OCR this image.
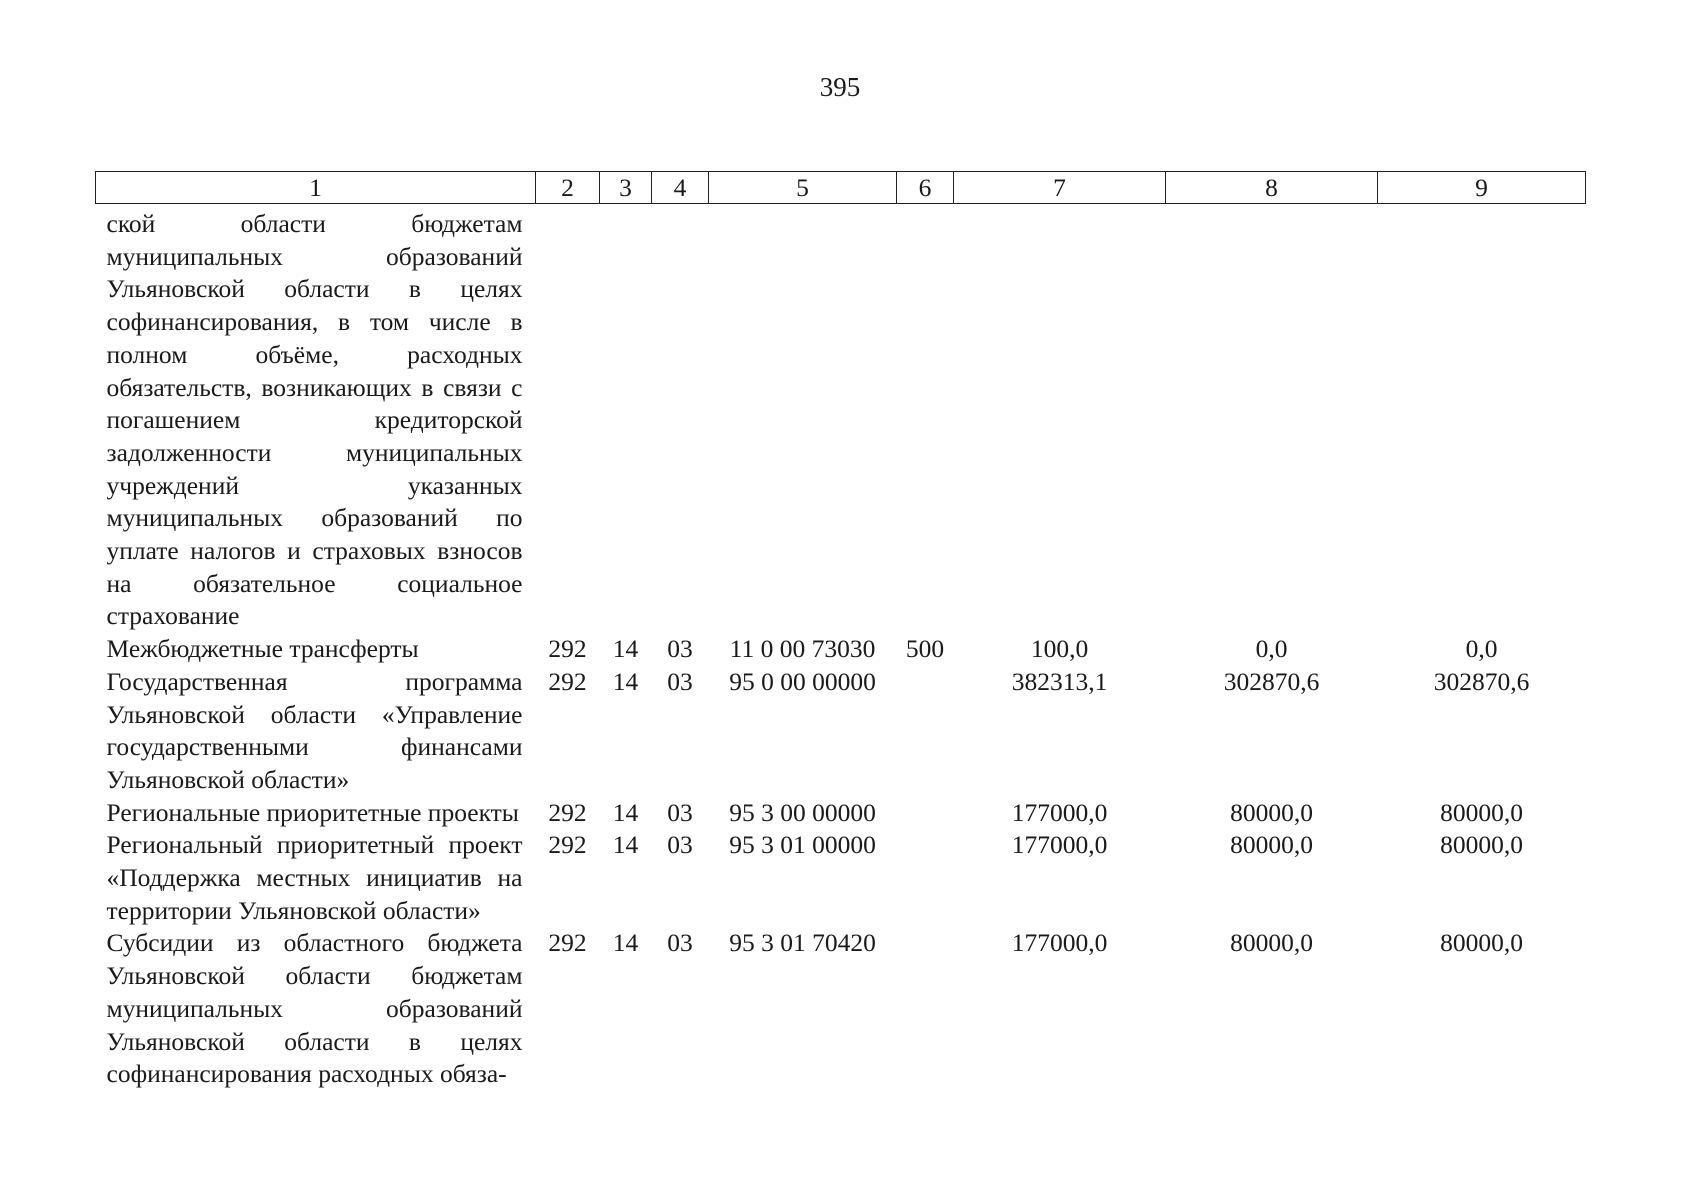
395
1	2	3	4	5	6	7	8	9
ской области бюджетам муниципальных образований Ульяновской области в целях софинансирования, в том числе в полном объёме, расходных обязательств, возникающих в связи с погашением кредиторской задолженности муниципальных учреждений указанных муниципальных образований по уплате налогов и страховых взносов на обязательное социальное страхование								
Межбюджетные трансферты	292	14	03	11 0 00 73030	500	100,0	0,0	0,0
Государственная программа Ульяновской области «Управление государственными финансами Ульяновской области»	292	14	03	95 0 00 00000		382313,1	302870,6	302870,6
Региональные приоритетные проекты	292	14	03	95 3 00 00000		177000,0	80000,0	80000,0
Региональный приоритетный проект «Поддержка местных инициатив на территории Ульяновской области»	292	14	03	95 3 01 00000		177000,0	80000,0	80000,0
Субсидии из областного бюджета Ульяновской области бюджетам муниципальных образований Ульяновской области в целях софинансирования расходных обяза-	292	14	03	95 3 01 70420		177000,0	80000,0	80000,0
